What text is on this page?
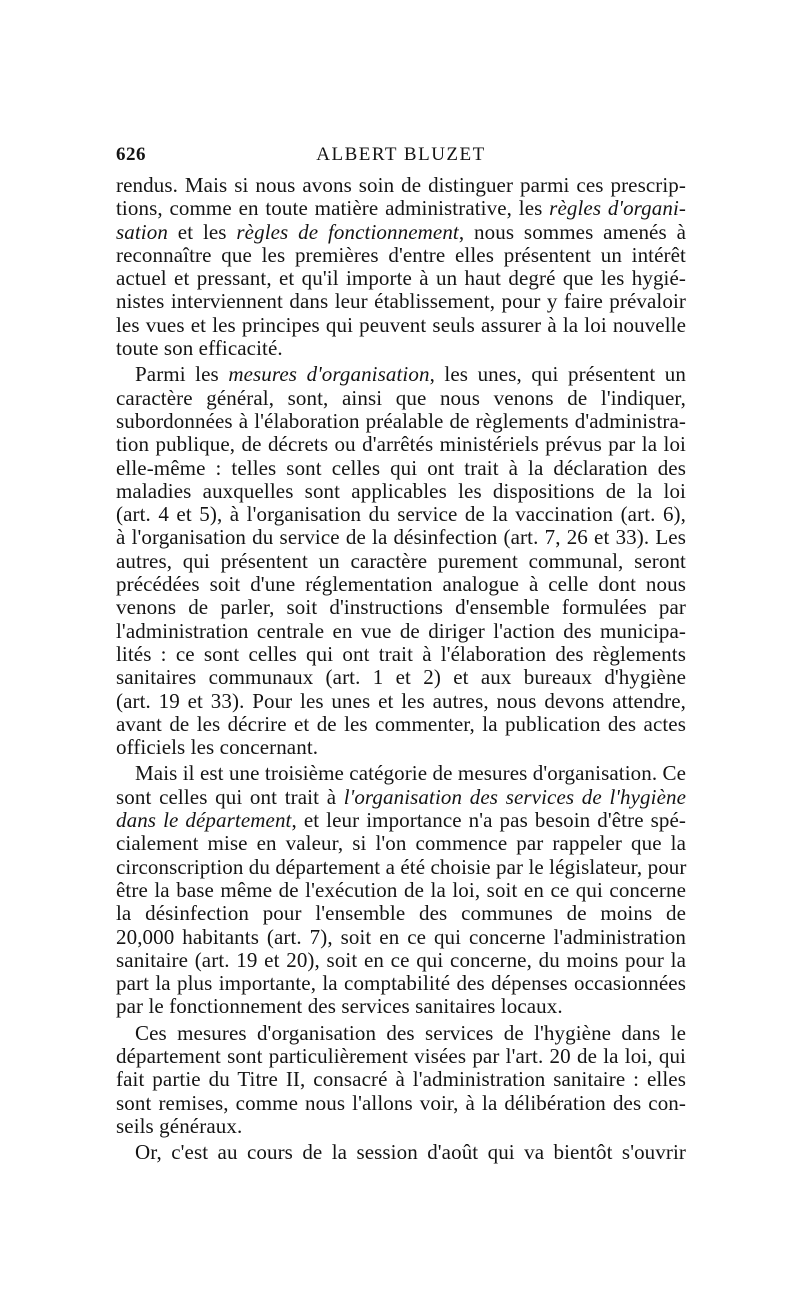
626	ALBERT BLUZET
rendus. Mais si nous avons soin de distinguer parmi ces prescrip-
tions, comme en toute matière administrative, les règles d'organi-
sation et les règles de fonctionnement, nous sommes amenés à
reconnaître que les premières d'entre elles présentent un intérêt
actuel et pressant, et qu'il importe à un haut degré que les hygié-
nistes interviennent dans leur établissement, pour y faire prévaloir
les vues et les principes qui peuvent seuls assurer à la loi nouvelle
toute son efficacité.
Parmi les mesures d'organisation, les unes, qui présentent un
caractère général, sont, ainsi que nous venons de l'indiquer,
subordonnées à l'élaboration préalable de règlements d'administra-
tion publique, de décrets ou d'arrêtés ministériels prévus par la loi
elle-même : telles sont celles qui ont trait à la déclaration des
maladies auxquelles sont applicables les dispositions de la loi
(art. 4 et 5), à l'organisation du service de la vaccination (art. 6),
à l'organisation du service de la désinfection (art. 7, 26 et 33). Les
autres, qui présentent un caractère purement communal, seront
précédées soit d'une réglementation analogue à celle dont nous
venons de parler, soit d'instructions d'ensemble formulées par
l'administration centrale en vue de diriger l'action des municipa-
lités : ce sont celles qui ont trait à l'élaboration des règlements
sanitaires communaux (art. 1 et 2) et aux bureaux d'hygiène
(art. 19 et 33). Pour les unes et les autres, nous devons attendre,
avant de les décrire et de les commenter, la publication des actes
officiels les concernant.
Mais il est une troisième catégorie de mesures d'organisation. Ce
sont celles qui ont trait à l'organisation des services de l'hygiène
dans le département, et leur importance n'a pas besoin d'être spé-
cialement mise en valeur, si l'on commence par rappeler que la
circonscription du département a été choisie par le législateur, pour
être la base même de l'exécution de la loi, soit en ce qui concerne
la désinfection pour l'ensemble des communes de moins de
20,000 habitants (art. 7), soit en ce qui concerne l'administration
sanitaire (art. 19 et 20), soit en ce qui concerne, du moins pour la
part la plus importante, la comptabilité des dépenses occasionnées
par le fonctionnement des services sanitaires locaux.
Ces mesures d'organisation des services de l'hygiène dans le
département sont particulièrement visées par l'art. 20 de la loi, qui
fait partie du Titre II, consacré à l'administration sanitaire : elles
sont remises, comme nous l'allons voir, à la délibération des con-
seils généraux.
Or, c'est au cours de la session d'août qui va bientôt s'ouvrir
